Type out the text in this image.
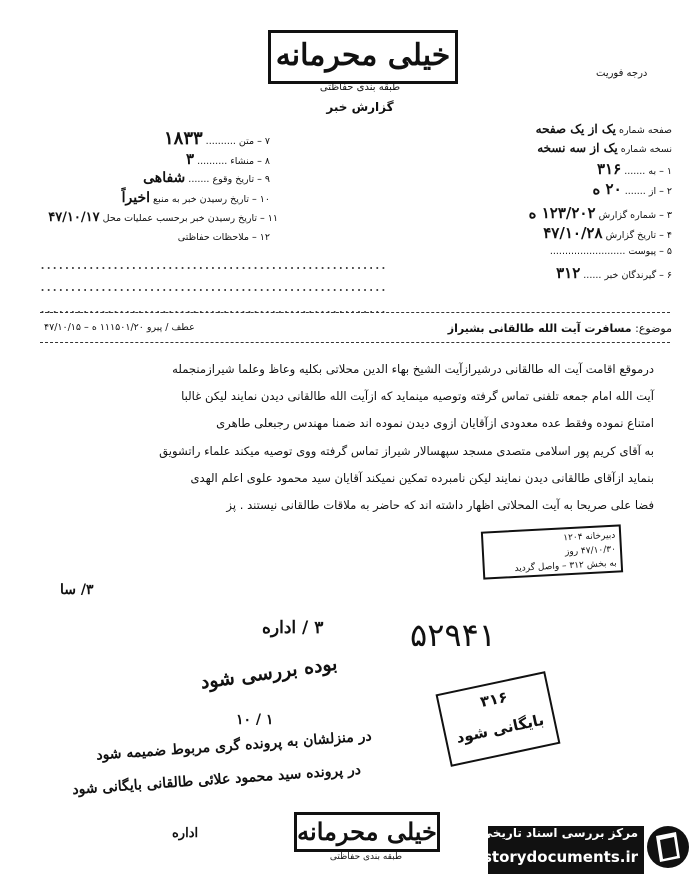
خیلی محرمانه
طبقه بندی حفاظتی
درجه فوریت
گزارش خبر
۷ – متن .......... ۱۸۳۳
۸ – منشاء .......... ۳
۹ – تاریخ وقوع ....... شفاهی
۱۰ – تاریخ رسیدن خبر به منبع اخیراً
۱۱ – تاریخ رسیدن خبر برحسب عملیات محل ۴۷/۱۰/۱۷
۱۲ – ملاحظات حفاظتی
.........................................................
.........................................................
.........................................................
صفحه شماره یک از یک صفحه
نسخه شماره یک از سه نسخه
۱ – به ....... ۳۱۶
۲ – از ....... ۲۰ ه
۳ – شماره گزارش ۱۲۳/۲۰۲ ه
۴ – تاریخ گزارش ۴۷/۱۰/۲۸
۵ – پیوست .........................
۶ – گیرندگان خبر ...... ۳۱۲
موضوع: مسافرت آیت الله طالقانی بشیراز
عطف / پیرو ۱۱۱۵۰۱/۲۰ ه – ۴۷/۱۰/۱۵
درموقع اقامت آیت اله طالقانی درشیرازآیت الشیخ بهاء الدین محلاتی بکلیه وعاظ وعلما شیرازمنجمله
آیت الله امام جمعه تلفنی تماس گرفته وتوصیه مینماید که ازآیت الله طالقانی دیدن نمایند لیکن غالبا
امتناع نموده وفقط عده معدودی ازآقایان ازوی دیدن نموده اند ضمنا مهندس رجبعلی طاهری
به آقای کریم پور اسلامی متصدی مسجد سپهسالار شیراز تماس گرفته ووی توصیه میکند علماء راتشویق
بنماید ازآقای طالقانی دیدن نمایند لیکن نامبرده تمکین نمیکند آقایان سید محمود علوی اعلم الهدی
فضا علی صریحا به آیت المحلاتی اظهار داشته اند که حاضر به ملاقات طالقانی نیستند . پز
دبیرخانه ۱۲۰۴
۴۷/۱۰/۳۰ روز
به بخش ۳۱۲ – واصل گردید
۳/ سا
۳ / اداره	۵۲۹۴۱
بوده بررسی شود
۱ / ۱۰
در منزلشان به پرونده گری مربوط ضمیمه شود
در پرونده سید محمود علائی طالقانی بایگانی شود
اداره
۳۱۶
بایگانی شود
خیلی محرمانه
طبقه بندی حفاظتی
مرکز بررسی اسناد تاریخی
historydocuments.ir
